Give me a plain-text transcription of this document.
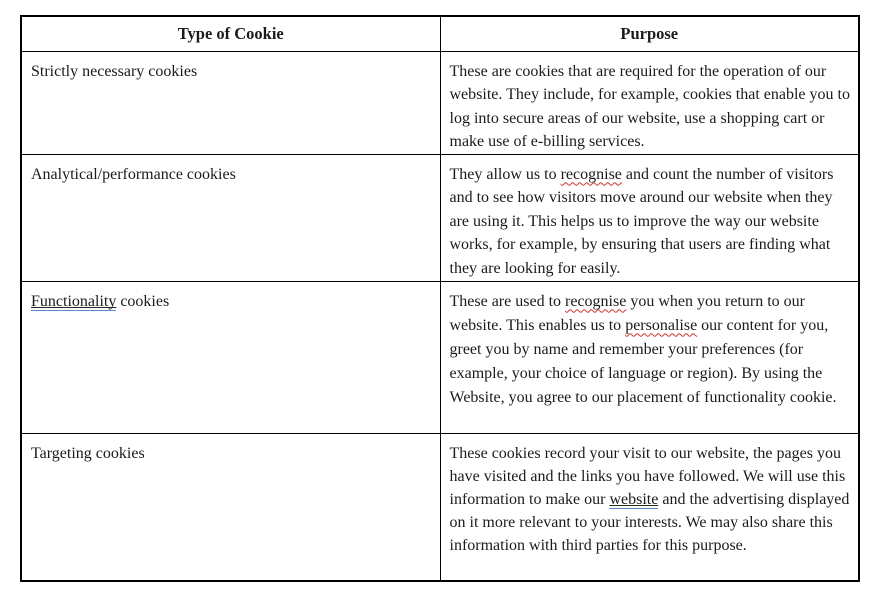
Type of Cookie	Purpose
Strictly necessary cookies	These are cookies that are required for the operation of our website. They include, for example, cookies that enable you to log into secure areas of our website, use a shopping cart or make use of e-billing services.
Analytical/performance cookies	They allow us to recognise and count the number of visitors and to see how visitors move around our website when they are using it. This helps us to improve the way our website works, for example, by ensuring that users are finding what they are looking for easily.
Functionality cookies	These are used to recognise you when you return to our website. This enables us to personalise our content for you, greet you by name and remember your preferences (for example, your choice of language or region). By using the Website, you agree to our placement of functionality cookie.
Targeting cookies	These cookies record your visit to our website, the pages you have visited and the links you have followed. We will use this information to make our website and the advertising displayed on it more relevant to your interests. We may also share this information with third parties for this purpose.
